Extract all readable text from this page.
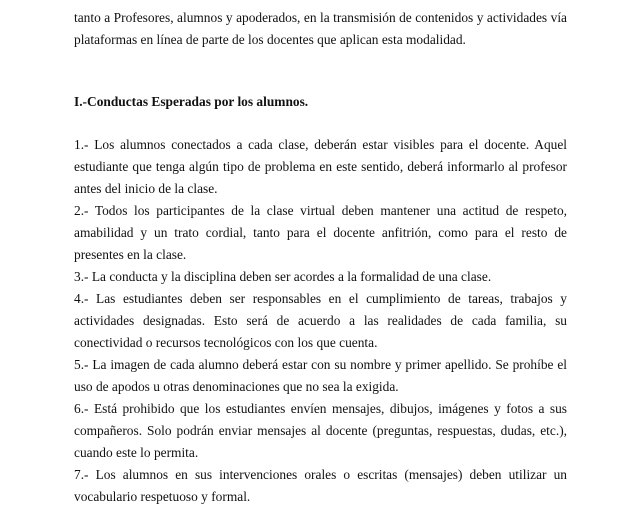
tanto a Profesores, alumnos y apoderados, en la transmisión de contenidos y actividades vía plataformas en línea de parte de los docentes que aplican esta modalidad.

I.-Conductas Esperadas por los alumnos.
1.- Los alumnos conectados a cada clase, deberán estar visibles para el docente. Aquel estudiante que tenga algún tipo de problema en este sentido, deberá informarlo al profesor antes del inicio de la clase.
2.- Todos los participantes de la clase virtual deben mantener una actitud de respeto, amabilidad y un trato cordial, tanto para el docente anfitrión, como para el resto de presentes en la clase.
3.- La conducta y la disciplina deben ser acordes a la formalidad de una clase.
4.- Las estudiantes deben ser responsables en el cumplimiento de tareas, trabajos y actividades designadas. Esto será de acuerdo a las realidades de cada familia, su conectividad o recursos tecnológicos con los que cuenta.
5.- La imagen de cada alumno deberá estar con su nombre y primer apellido. Se prohíbe el uso de apodos u otras denominaciones que no sea la exigida.
6.- Está prohibido que los estudiantes envíen mensajes, dibujos, imágenes y fotos a sus compañeros. Solo podrán enviar mensajes al docente (preguntas, respuestas, dudas, etc.), cuando este lo permita.
7.- Los alumnos en sus intervenciones orales o escritas (mensajes) deben utilizar un vocabulario respetuoso y formal.
